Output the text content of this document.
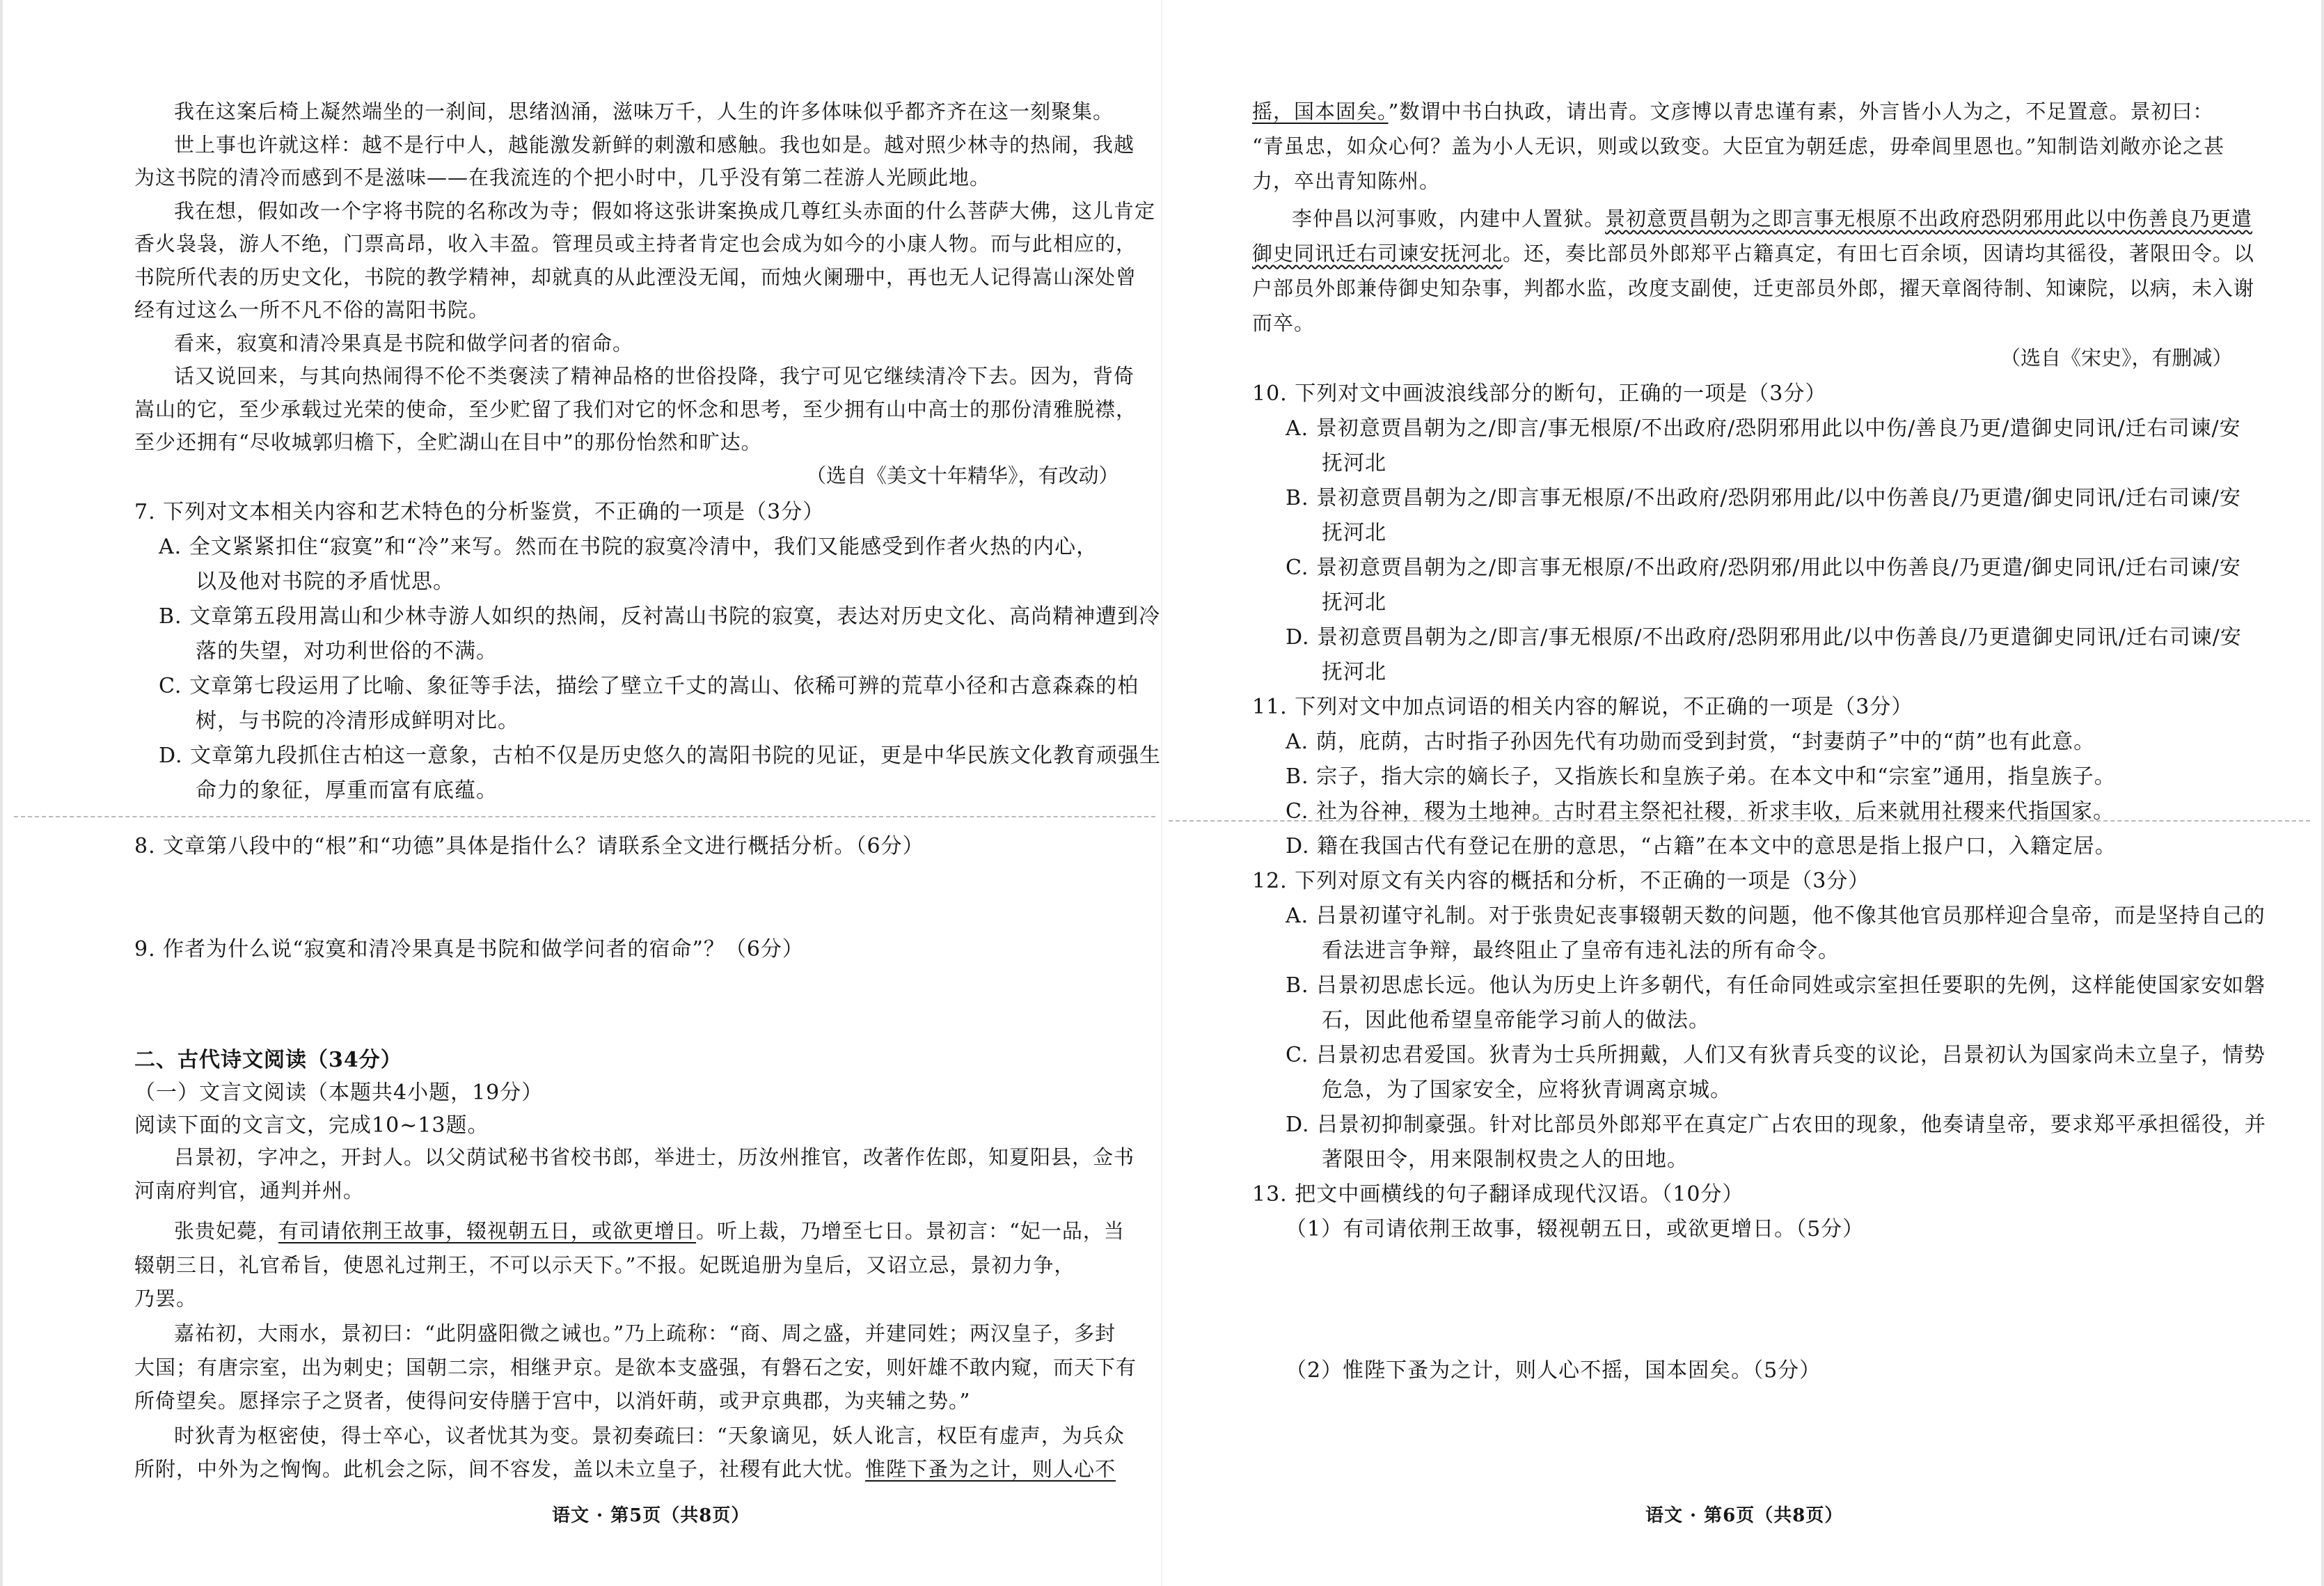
我在这案后椅上凝然端坐的一刹间，思绪汹涌，滋味万千，人生的许多体味似乎都齐齐在这一刻聚集。

世上事也许就这样：越不是行中人，越能激发新鲜的刺激和感触。我也如是。越对照少林寺的热闹，我越

为这书院的清冷而感到不是滋味——在我流连的个把小时中，几乎没有第二茬游人光顾此地。

我在想，假如改一个字将书院的名称改为寺；假如将这张讲案换成几尊红头赤面的什么菩萨大佛，这儿肯定

香火袅袅，游人不绝，门票高昂，收入丰盈。管理员或主持者肯定也会成为如今的小康人物。而与此相应的，

书院所代表的历史文化，书院的教学精神，却就真的从此湮没无闻，而烛火阑珊中，再也无人记得嵩山深处曾

经有过这么一所不凡不俗的嵩阳书院。

看来，寂寞和清冷果真是书院和做学问者的宿命。

话又说回来，与其向热闹得不伦不类褒渎了精神品格的世俗投降，我宁可见它继续清冷下去。因为，背倚

嵩山的它，至少承载过光荣的使命，至少贮留了我们对它的怀念和思考，至少拥有山中高士的那份清雅脱襟，

至少还拥有“尽收城郭归檐下，全贮湖山在目中”的那份怡然和旷达。

（选自《美文十年精华》，有改动）

7. 下列对文本相关内容和艺术特色的分析鉴赏，不正确的一项是（3分）

A. 全文紧紧扣住“寂寞”和“冷”来写。然而在书院的寂寞冷清中，我们又能感受到作者火热的内心，

以及他对书院的矛盾忧思。

B. 文章第五段用嵩山和少林寺游人如织的热闹，反衬嵩山书院的寂寞，表达对历史文化、高尚精神遭到冷

落的失望，对功利世俗的不满。

C. 文章第七段运用了比喻、象征等手法，描绘了壁立千丈的嵩山、依稀可辨的荒草小径和古意森森的柏

树，与书院的冷清形成鲜明对比。

D. 文章第九段抓住古柏这一意象，古柏不仅是历史悠久的嵩阳书院的见证，更是中华民族文化教育顽强生

命力的象征，厚重而富有底蕴。

8. 文章第八段中的“根”和“功德”具体是指什么？请联系全文进行概括分析。（6分）

9. 作者为什么说“寂寞和清冷果真是书院和做学问者的宿命”？（6分）

二、古代诗文阅读（34分）

（一）文言文阅读（本题共4小题，19分）

阅读下面的文言文，完成10~13题。

吕景初，字冲之，开封人。以父荫试秘书省校书郎，举进士，历汝州推官，改著作佐郎，知夏阳县，佥书

河南府判官，通判并州。

张贵妃薨，有司请依荆王故事，辍视朝五日，或欲更增日。听上裁，乃增至七日。景初言：“妃一品，当

辍朝三日，礼官希旨，使恩礼过荆王，不可以示天下。”不报。妃既追册为皇后，又诏立忌，景初力争，

乃罢。

嘉祐初，大雨水，景初曰：“此阴盛阳微之诫也。”乃上疏称：“商、周之盛，并建同姓；两汉皇子，多封

大国；有唐宗室，出为刺史；国朝二宗，相继尹京。是欲本支盛强，有磐石之安，则奸雄不敢内窥，而天下有

所倚望矣。愿择宗子之贤者，使得问安侍膳于宫中，以消奸萌，或尹京典郡，为夹辅之势。”

时狄青为枢密使，得士卒心，议者忧其为变。景初奏疏曰：“天象谪见，妖人讹言，权臣有虚声，为兵众

所附，中外为之恟恟。此机会之际，间不容发，盖以未立皇子，社稷有此大忧。惟陛下蚤为之计，则人心不

语文 · 第5页（共8页）

摇，国本固矣。”数谓中书白执政，请出青。文彦博以青忠谨有素，外言皆小人为之，不足置意。景初曰：

“青虽忠，如众心何？盖为小人无识，则或以致变。大臣宜为朝廷虑，毋牵闾里恩也。”知制诰刘敞亦论之甚

力，卒出青知陈州。

李仲昌以河事败，内建中人置狱。景初意贾昌朝为之即言事无根原不出政府恐阴邪用此以中伤善良乃更遣

御史同讯迁右司谏安抚河北。还，奏比部员外郎郑平占籍真定，有田七百余顷，因请均其徭役，著限田令。以

户部员外郎兼侍御史知杂事，判都水监，改度支副使，迁吏部员外郎，擢天章阁待制、知谏院，以病，未入谢

而卒。

（选自《宋史》，有删减）

10. 下列对文中画波浪线部分的断句，正确的一项是（3分）

A. 景初意贾昌朝为之/即言/事无根原/不出政府/恐阴邪用此以中伤/善良乃更/遣御史同讯/迁右司谏/安

抚河北

B. 景初意贾昌朝为之/即言事无根原/不出政府/恐阴邪用此/以中伤善良/乃更遣/御史同讯/迁右司谏/安

抚河北

C. 景初意贾昌朝为之/即言事无根原/不出政府/恐阴邪/用此以中伤善良/乃更遣/御史同讯/迁右司谏/安

抚河北

D. 景初意贾昌朝为之/即言/事无根原/不出政府/恐阴邪用此/以中伤善良/乃更遣御史同讯/迁右司谏/安

抚河北

11. 下列对文中加点词语的相关内容的解说，不正确的一项是（3分）

A. 荫，庇荫，古时指子孙因先代有功勋而受到封赏，“封妻荫子”中的“荫”也有此意。

B. 宗子，指大宗的嫡长子，又指族长和皇族子弟。在本文中和“宗室”通用，指皇族子。

C. 社为谷神，稷为土地神。古时君主祭祀社稷，祈求丰收，后来就用社稷来代指国家。

D. 籍在我国古代有登记在册的意思，“占籍”在本文中的意思是指上报户口，入籍定居。

12. 下列对原文有关内容的概括和分析，不正确的一项是（3分）

A. 吕景初谨守礼制。对于张贵妃丧事辍朝天数的问题，他不像其他官员那样迎合皇帝，而是坚持自己的

看法进言争辩，最终阻止了皇帝有违礼法的所有命令。

B. 吕景初思虑长远。他认为历史上许多朝代，有任命同姓或宗室担任要职的先例，这样能使国家安如磐

石，因此他希望皇帝能学习前人的做法。

C. 吕景初忠君爱国。狄青为士兵所拥戴，人们又有狄青兵变的议论，吕景初认为国家尚未立皇子，情势

危急，为了国家安全，应将狄青调离京城。

D. 吕景初抑制豪强。针对比部员外郎郑平在真定广占农田的现象，他奏请皇帝，要求郑平承担徭役，并

著限田令，用来限制权贵之人的田地。

13. 把文中画横线的句子翻译成现代汉语。（10分）

（1）有司请依荆王故事，辍视朝五日，或欲更增日。（5分）

（2）惟陛下蚤为之计，则人心不摇，国本固矣。（5分）

语文 · 第6页（共8页）
